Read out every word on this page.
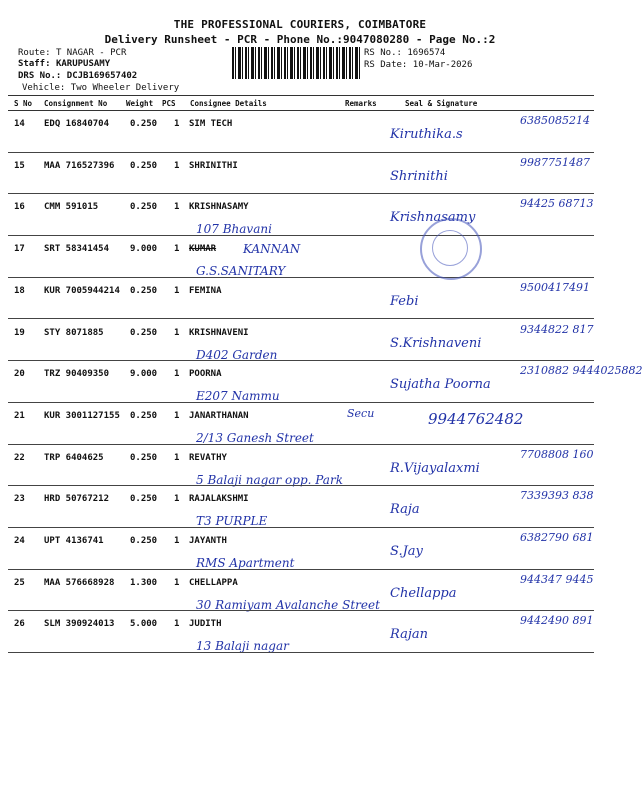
THE PROFESSIONAL COURIERS, COIMBATORE
Delivery Runsheet - PCR - Phone No.:9047080280 - Page No.:2
Route: T NAGAR - PCR
Staff: KARUPUSAMY
DRS No.: DCJB169657402
Vehicle: Two Wheeler Delivery
RS No.: 1696574
RS Date: 10-Mar-2026
S No Consignment No	Weight PCS Consignee Details	Remarks	Seal & Signature
14 EDQ 16840704 0.250 1 SIM TECH
Kiruthika.s
6385085214
15 MAA 716527396 0.250 1 SHRINITHI
Shrinithi
9987751487
16 CMM 591015	0.250 1 KRISHNASAMY
107 Bhavani
Krishnasamy
94425 68713
17 SRT 58341454 9.000 1 KUMAR KANNAN
G.S.SANITARY
18 KUR 7005944214 0.250 1 FEMINA
Febi
9500417491
19 STY 8071885	0.250 1 KRISHNAVENI
D402 Garden
S.Krishnaveni
9344822 817
20 TRZ 90409350 9.000 1 POORNA
E207 Nammu
Sujatha Poorna
2310882 9444025882
21 KUR 3001127155 0.250 1 JANARTHANAN
2/13 Ganesh Street
Secu	9944762482
22 TRP 6404625	0.250 1 REVATHY
5 Balaji nagar opp. Park
R.Vijayalaxmi
7708808 160
23 HRD 50767212 0.250 1 RAJALAKSHMI
T3 PURPLE
Raja
7339393 838
24 UPT 4136741	0.250 1 JAYANTH
RMS Apartment
S.Jay
6382790 681
25 MAA 576668928 1.300 1 CHELLAPPA
30 Ramiyam Avalanche Street
Chellappa
944347 9445
26 SLM 390924013 5.000 1 JUDITH
13 Balaji nagar
Rajan
9442490 891
